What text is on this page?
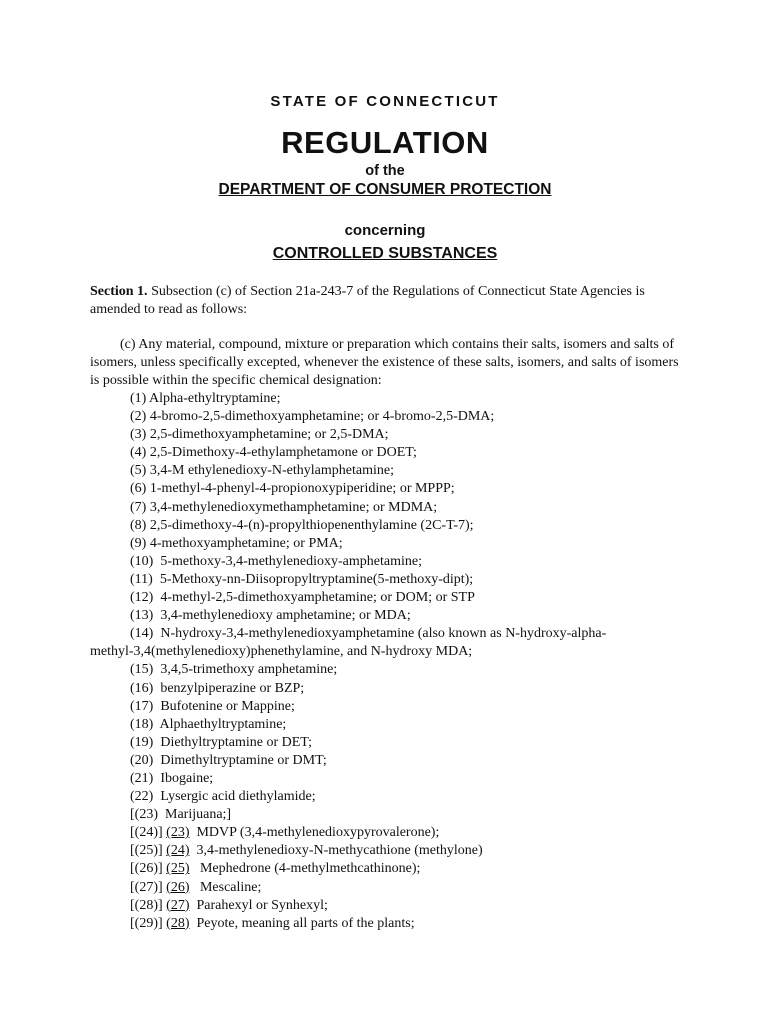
STATE OF CONNECTICUT
REGULATION
of the
DEPARTMENT OF CONSUMER PROTECTION
concerning
CONTROLLED SUBSTANCES
Section 1. Subsection (c) of Section 21a-243-7 of the Regulations of Connecticut State Agencies is amended to read as follows:
(c) Any material, compound, mixture or preparation which contains their salts, isomers and salts of isomers, unless specifically excepted, whenever the existence of these salts, isomers, and salts of isomers is possible within the specific chemical designation:
(1) Alpha-ethyltryptamine;
(2) 4-bromo-2,5-dimethoxyamphetamine; or 4-bromo-2,5-DMA;
(3) 2,5-dimethoxyamphetamine; or 2,5-DMA;
(4) 2,5-Dimethoxy-4-ethylamphetamone or DOET;
(5) 3,4-M ethylenedioxy-N-ethylamphetamine;
(6) 1-methyl-4-phenyl-4-propionoxypiperidine; or MPPP;
(7) 3,4-methylenedioxymethamphetamine; or MDMA;
(8) 2,5-dimethoxy-4-(n)-propylthiopenenthylamine (2C-T-7);
(9) 4-methoxyamphetamine; or PMA;
(10)  5-methoxy-3,4-methylenedioxy-amphetamine;
(11)  5-Methoxy-nn-Diisopropyltryptamine(5-methoxy-dipt);
(12)  4-methyl-2,5-dimethoxyamphetamine; or DOM; or STP
(13)  3,4-methylenedioxy amphetamine; or MDA;
(14)  N-hydroxy-3,4-methylenedioxyamphetamine (also known as N-hydroxy-alpha-
methyl-3,4(methylenedioxy)phenethylamine, and N-hydroxy MDA;
(15)  3,4,5-trimethoxy amphetamine;
(16)  benzylpiperazine or BZP;
(17)  Bufotenine or Mappine;
(18)  Alphaethyltryptamine;
(19)  Diethyltryptamine or DET;
(20)  Dimethyltryptamine or DMT;
(21)  Ibogaine;
(22)  Lysergic acid diethylamide;
[(23)  Marijuana;]
[(24)] (23)  MDVP (3,4-methylenedioxypyrovalerone);
[(25)] (24)  3,4-methylenedioxy-N-methycathione (methylone)
[(26)] (25)   Mephedrone (4-methylmethcathinone);
[(27)] (26)   Mescaline;
[(28)] (27)  Parahexyl or Synhexyl;
[(29)] (28)  Peyote, meaning all parts of the plants;
